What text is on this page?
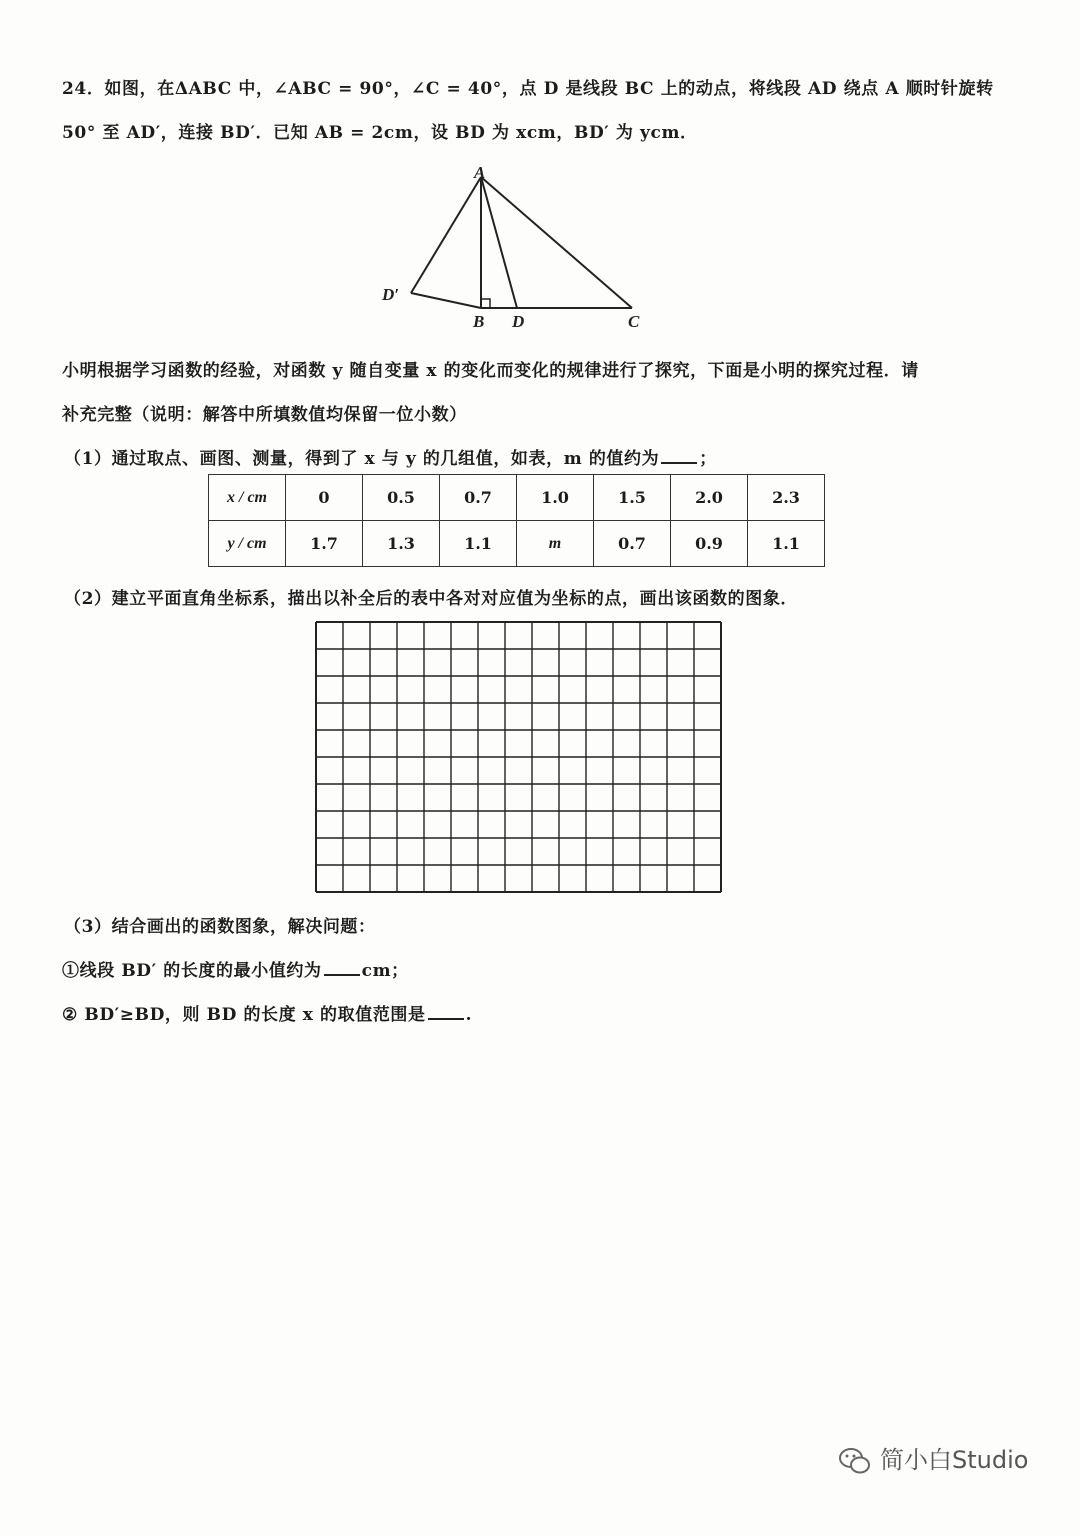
24．如图，在ΔABC 中，∠ABC = 90°，∠C = 40°，点 D 是线段 BC 上的动点，将线段 AD 绕点 A 顺时针旋转
50° 至 AD′，连接 BD′．已知 AB = 2cm，设 BD 为 xcm，BD′ 为 ycm．
A
D′
B D	C
小明根据学习函数的经验，对函数 y 随自变量 x 的变化而变化的规律进行了探究，下面是小明的探究过程．请
补充完整（说明：解答中所填数值均保留一位小数）
（1）通过取点、画图、测量，得到了 x 与 y 的几组值，如表，m 的值约为 ；
x / cm	0	0.5	0.7	1.0	1.5	2.0	2.3
y / cm	1.7	1.3	1.1	m	0.7	0.9	1.1
（2）建立平面直角坐标系，描出以补全后的表中各对对应值为坐标的点，画出该函数的图象．
（3）结合画出的函数图象，解决问题：
①线段 BD′ 的长度的最小值约为 cm；
② BD′≥BD，则 BD 的长度 x 的取值范围是 .
简小白Studio
